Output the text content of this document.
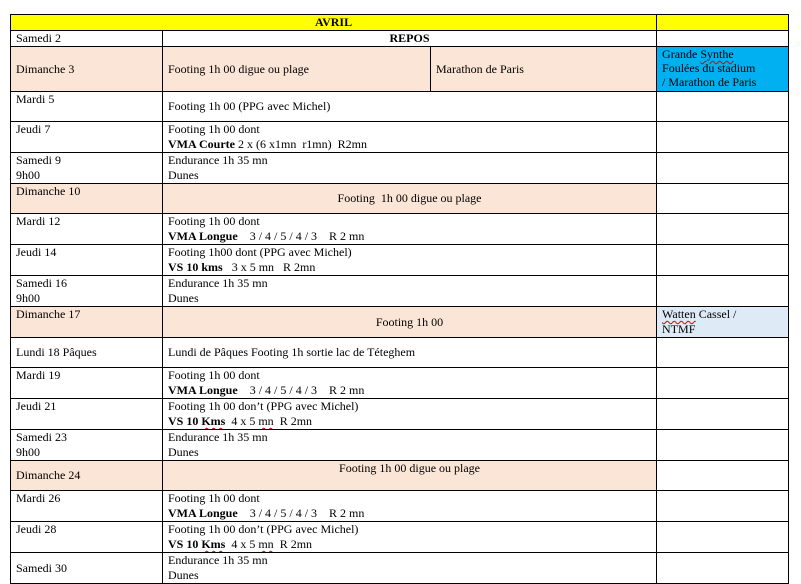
AVRIL			
Samedi 2	REPOS		
Dimanche 3	Footing 1h 00 digue ou plage	Marathon de Paris	Grande Synthe
Foulées du stadium
/ Marathon de Paris
Mardi 5	Footing 1h 00 (PPG avec Michel)		
Jeudi 7	Footing 1h 00 dont
VMA Courte 2 x (6 x1mn  r1mn)  R2mn		
Samedi 9
9h00	Endurance 1h 35 mn
Dunes		
Dimanche 10	Footing  1h 00 digue ou plage		
Mardi 12	Footing 1h 00 dont
VMA Longue    3 / 4 / 5 / 4 / 3    R 2 mn		
Jeudi 14	Footing 1h00 dont (PPG avec Michel)
VS 10 kms   3 x 5 mn   R 2mn		
Samedi 16
9h00	Endurance 1h 35 mn
Dunes		
Dimanche 17	Footing 1h 00		Watten Cassel /
NTMF
Lundi 18 Pâques	Lundi de Pâques Footing 1h sortie lac de Téteghem		
Mardi 19	Footing 1h 00 dont
VMA Longue    3 / 4 / 5 / 4 / 3    R 2 mn		
Jeudi 21	Footing 1h 00 don’t (PPG avec Michel)
VS 10 Kms  4 x 5 mn  R 2mn		
Samedi 23
9h00	Endurance 1h 35 mn
Dunes		
Dimanche 24	Footing 1h 00 digue ou plage		
Mardi 26	Footing 1h 00 dont
VMA Longue    3 / 4 / 5 / 4 / 3    R 2 mn		
Jeudi 28	Footing 1h 00 don’t (PPG avec Michel)
VS 10 Kms  4 x 5 mn  R 2mn		
Samedi 30	Endurance 1h 35 mn
Dunes		
